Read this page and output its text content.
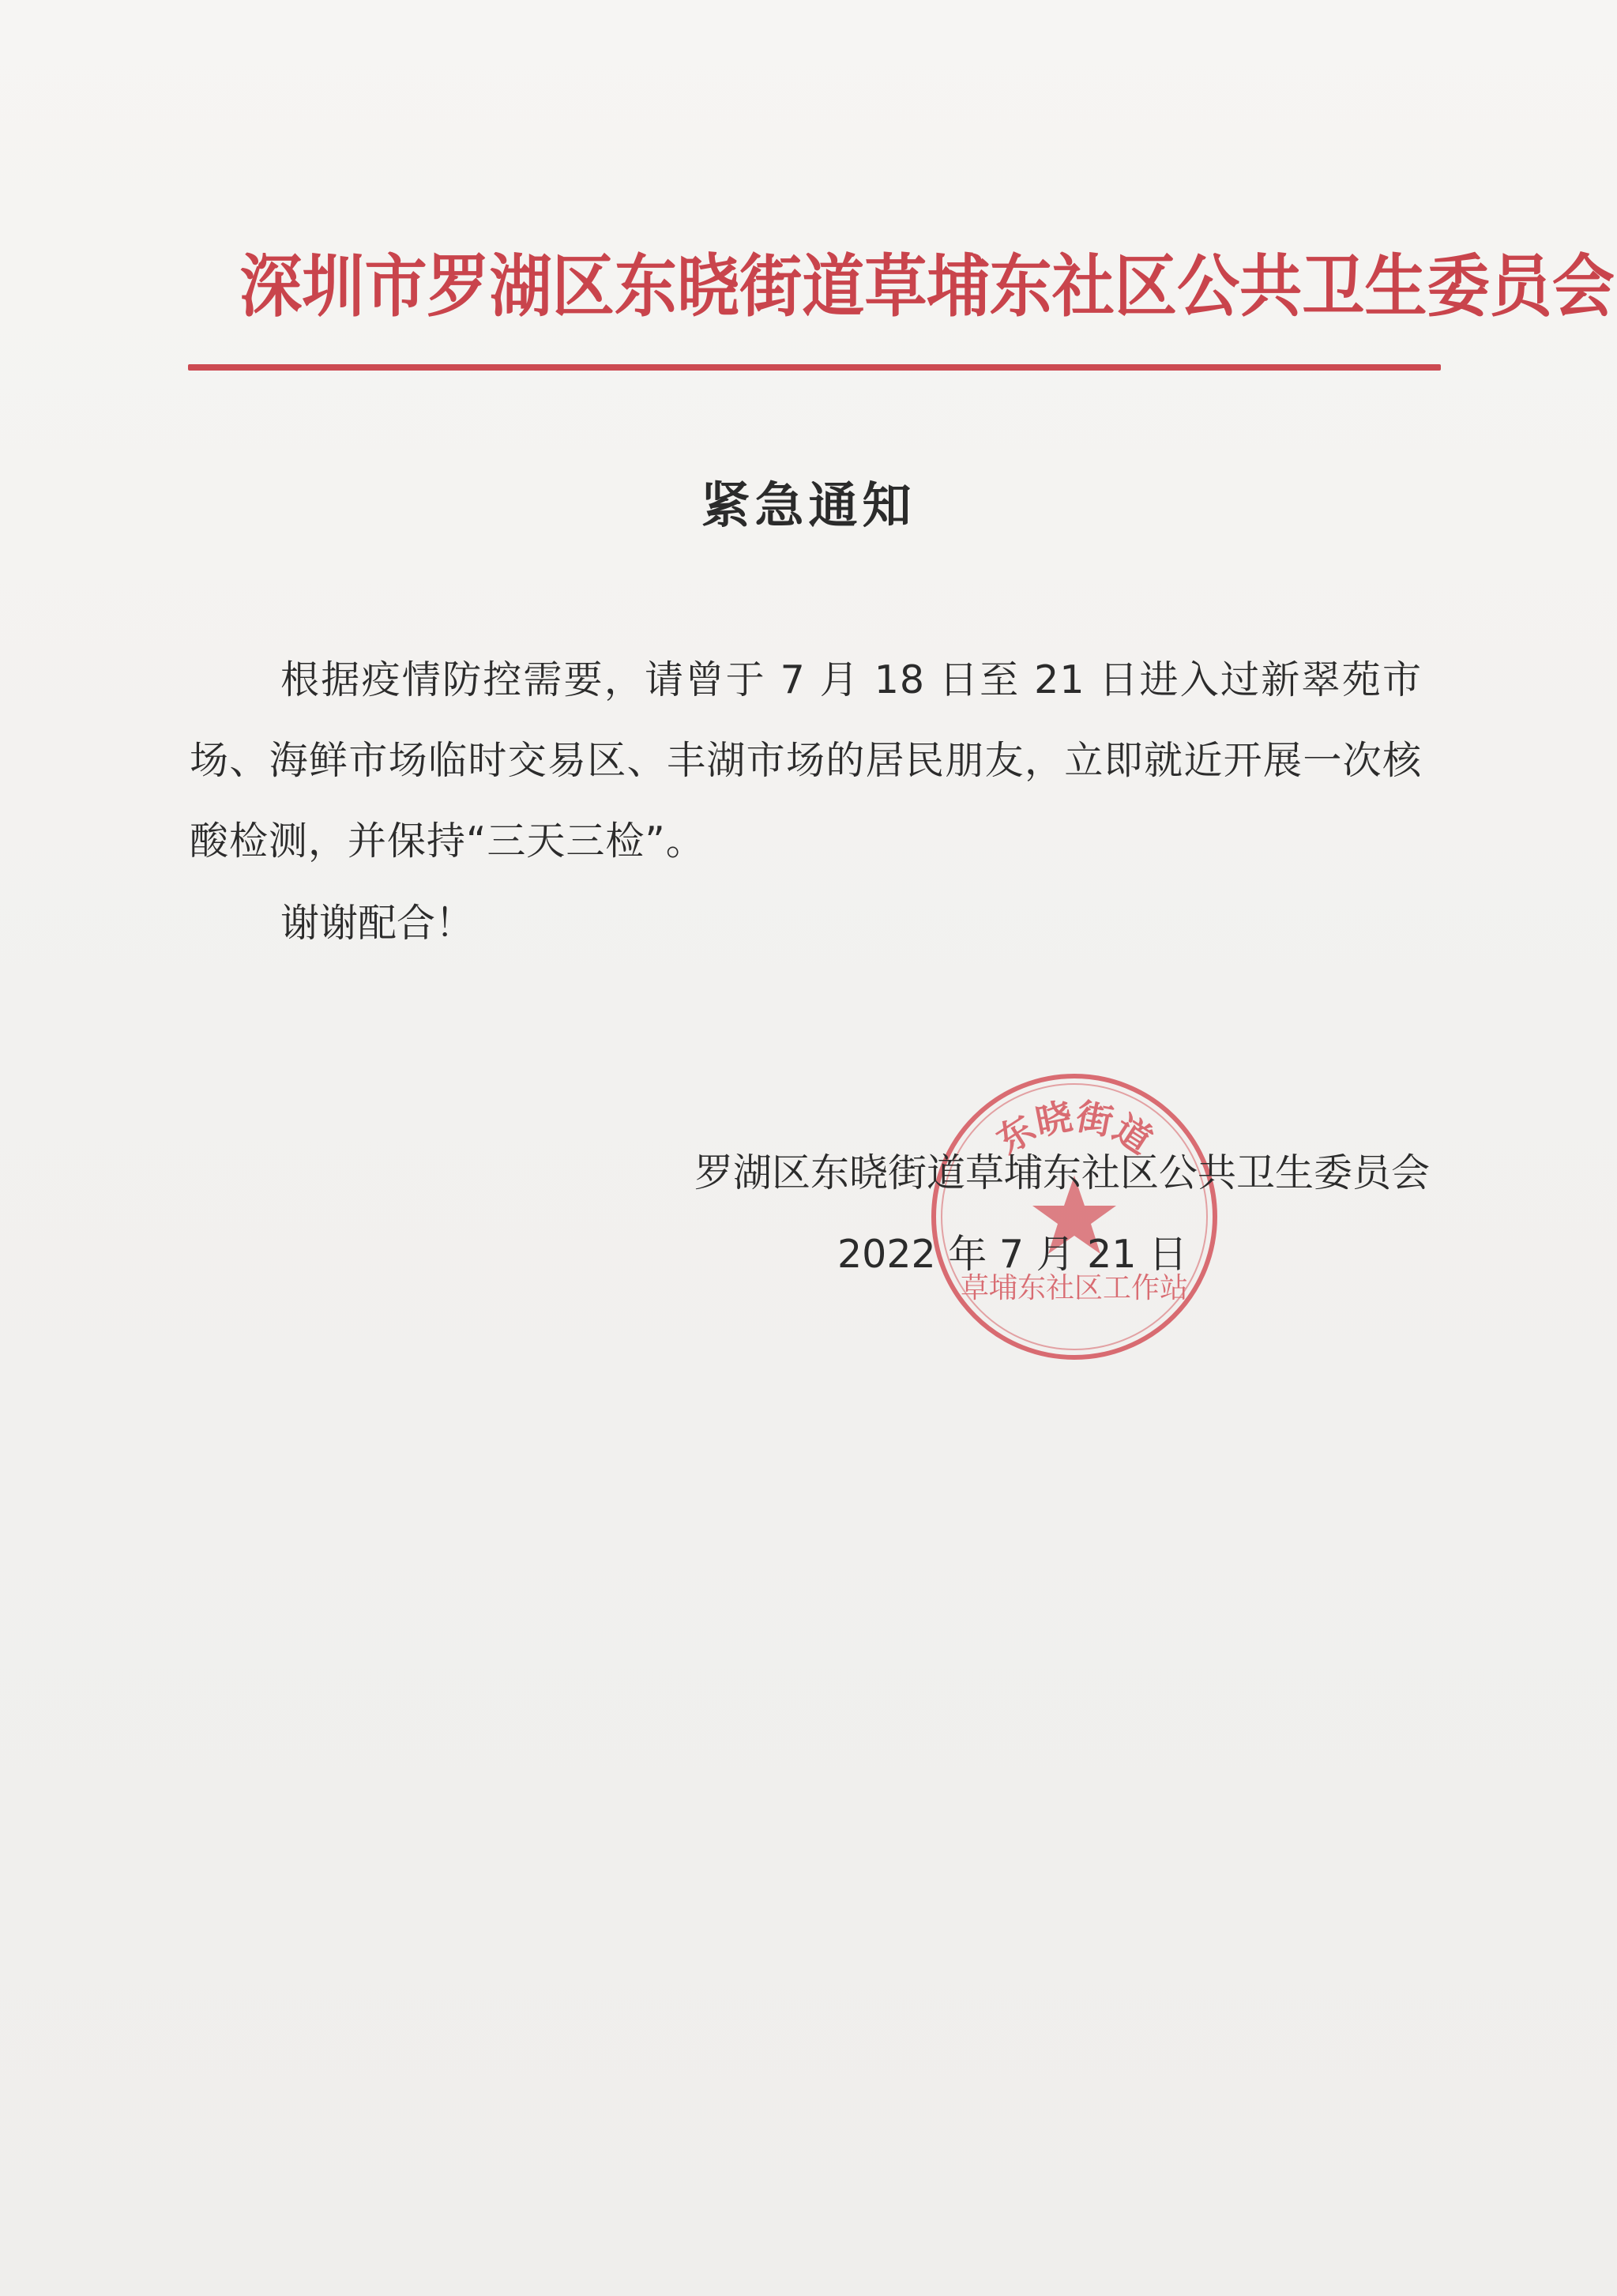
深圳市罗湖区东晓街道草埔东社区公共卫生委员会
紧急通知
根据疫情防控需要，请曾于 7 月 18 日至 21 日进入过新翠苑市场、海鲜市场临时交易区、丰湖市场的居民朋友，立即就近开展一次核酸检测，并保持“三天三检”。
谢谢配合！
东晓街道
草埔东社区工作站
罗湖区东晓街道草埔东社区公共卫生委员会
2022 年 7 月 21 日
